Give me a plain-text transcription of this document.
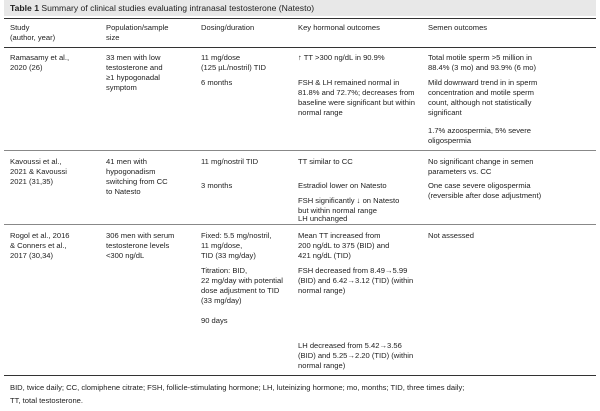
Table 1 Summary of clinical studies evaluating intranasal testosterone (Natesto)
Study
(author, year)
Population/sample
size
Dosing/duration	Key hormonal outcomes	Semen outcomes
Ramasamy et al.,
2020 (26)
33 men with low
testosterone and
≥1 hypogonadal
symptom
11 mg/dose
(125 µL/nostril) TID
6 months
↑ TT >300 ng/dL in 90.9%
FSH & LH remained normal in
81.8% and 72.7%; decreases from
baseline were significant but within
normal range
Total motile sperm >5 million in
88.4% (3 mo) and 93.9% (6 mo)
Mild downward trend in in sperm
concentration and motile sperm
count, although not statistically
significant
1.7% azoospermia, 5% severe
oligospermia
Kavoussi et al.,
2021 & Kavoussi
2021 (31,35)
41 men with
hypogonadism
switching from CC
to Natesto
11 mg/nostril TID
3 months
TT similar to CC
Estradiol lower on Natesto
FSH significantly ↓ on Natesto
but within normal range
LH unchanged
No significant change in semen
parameters vs. CC
One case severe oligospermia
(reversible after dose adjustment)
Rogol et al., 2016
& Conners et al.,
2017 (30,34)
306 men with serum
testosterone levels
<300 ng/dL
Fixed: 5.5 mg/nostril,
11 mg/dose,
TID (33 mg/day)
Titration: BID,
22 mg/day with potential
dose adjustment to TID
(33 mg/day)
90 days
Mean TT increased from
200 ng/dL to 375 (BID) and
421 ng/dL (TID)
FSH decreased from 8.49→5.99
(BID) and 6.42→3.12 (TID) (within
normal range)
LH decreased from 5.42→3.56
(BID) and 5.25→2.20 (TID) (within
normal range)
Not assessed
BID, twice daily; CC, clomiphene citrate; FSH, follicle-stimulating hormone; LH, luteinizing hormone; mo, months; TID, three times daily;
TT, total testosterone.
